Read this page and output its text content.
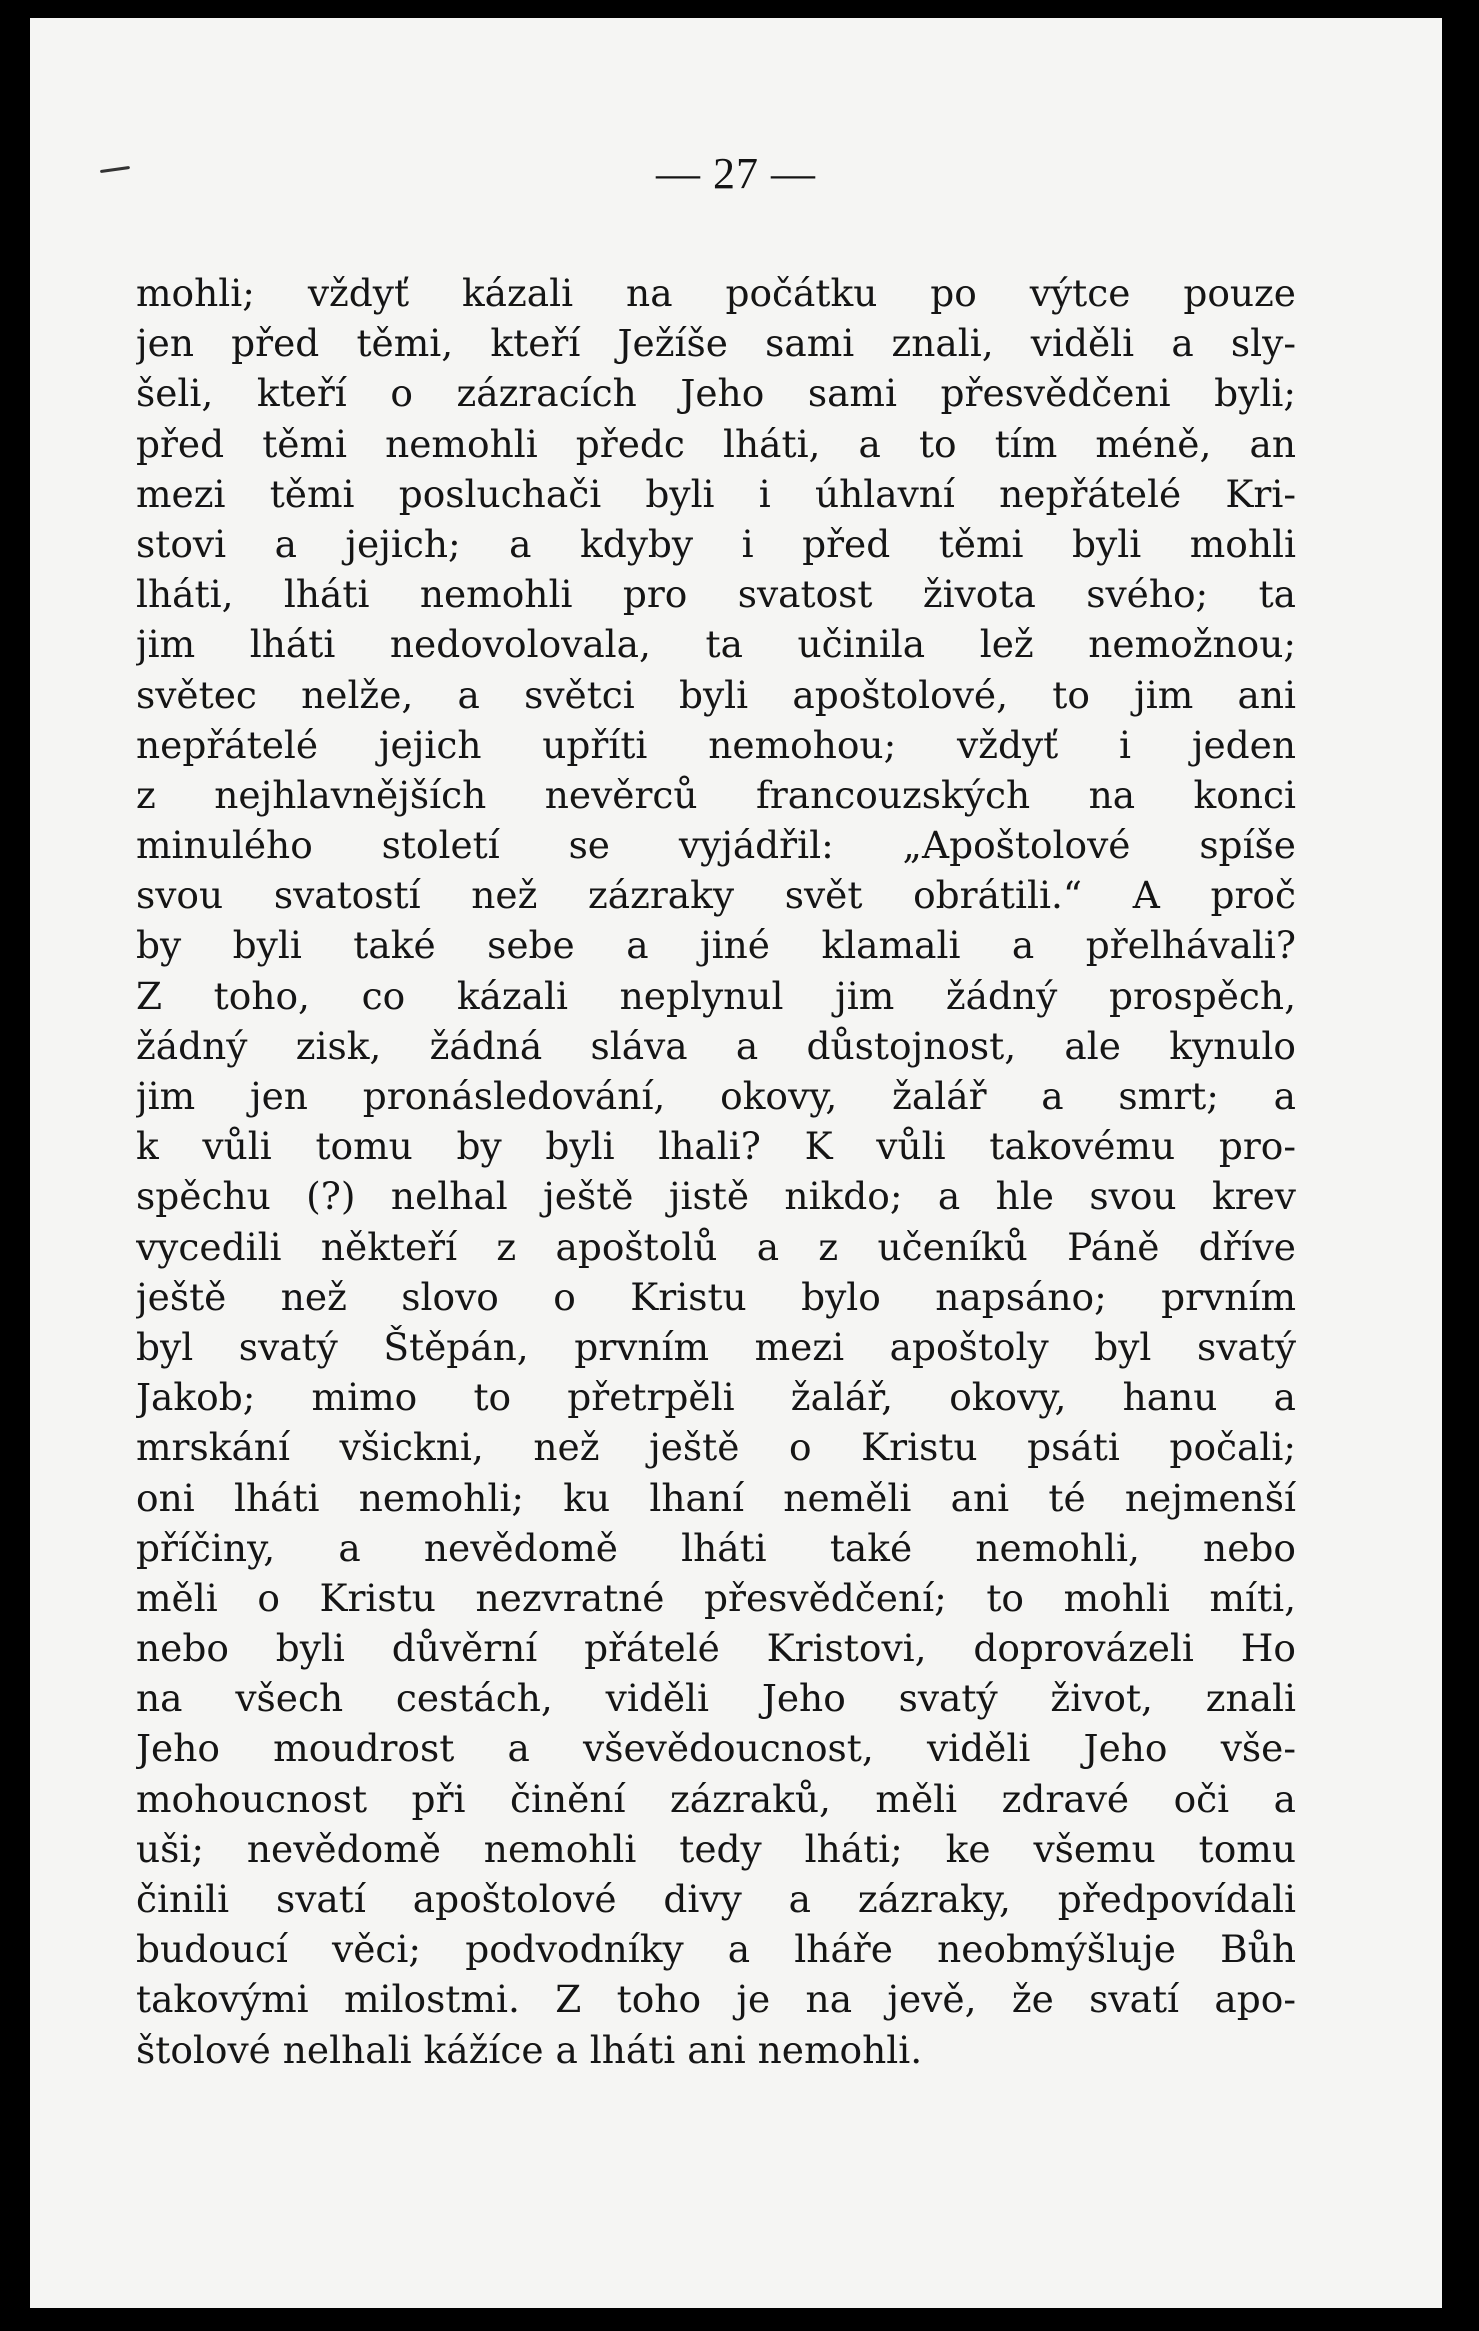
— 27 —
mohli; vždyť kázali na počátku po výtce pouze
jen před těmi, kteří Ježíše sami znali, viděli a sly-
šeli, kteří o zázracích Jeho sami přesvědčeni byli;
před těmi nemohli předc lháti, a to tím méně, an
mezi těmi posluchači byli i úhlavní nepřátelé Kri-
stovi a jejich; a kdyby i před těmi byli mohli
lháti, lháti nemohli pro svatost života svého; ta
jim lháti nedovolovala, ta učinila lež nemožnou;
světec nelže, a světci byli apoštolové, to jim ani
nepřátelé jejich upříti nemohou; vždyť i jeden
z nejhlavnějších nevěrců francouzských na konci
minulého století se vyjádřil: „Apoštolové spíše
svou svatostí než zázraky svět obrátili.“ A proč
by byli také sebe a jiné klamali a přelhávali?
Z toho, co kázali neplynul jim žádný prospěch,
žádný zisk, žádná sláva a důstojnost, ale kynulo
jim jen pronásledování, okovy, žalář a smrt; a
k vůli tomu by byli lhali? K vůli takovému pro-
spěchu (?) nelhal ještě jistě nikdo; a hle svou krev
vycedili někteří z apoštolů a z učeníků Páně dříve
ještě než slovo o Kristu bylo napsáno; prvním
byl svatý Štěpán, prvním mezi apoštoly byl svatý
Jakob; mimo to přetrpěli žalář, okovy, hanu a
mrskání všickni, než ještě o Kristu psáti počali;
oni lháti nemohli; ku lhaní neměli ani té nejmenší
příčiny, a nevědomě lháti také nemohli, nebo
měli o Kristu nezvratné přesvědčení; to mohli míti,
nebo byli důvěrní přátelé Kristovi, doprovázeli Ho
na všech cestách, viděli Jeho svatý život, znali
Jeho moudrost a vševědoucnost, viděli Jeho vše-
mohoucnost při činění zázraků, měli zdravé oči a
uši; nevědomě nemohli tedy lháti; ke všemu tomu
činili svatí apoštolové divy a zázraky, předpovídali
budoucí věci; podvodníky a lháře neobmýšluje Bůh
takovými milostmi. Z toho je na jevě, že svatí apo-
štolové nelhali kážíce a lháti ani nemohli.
